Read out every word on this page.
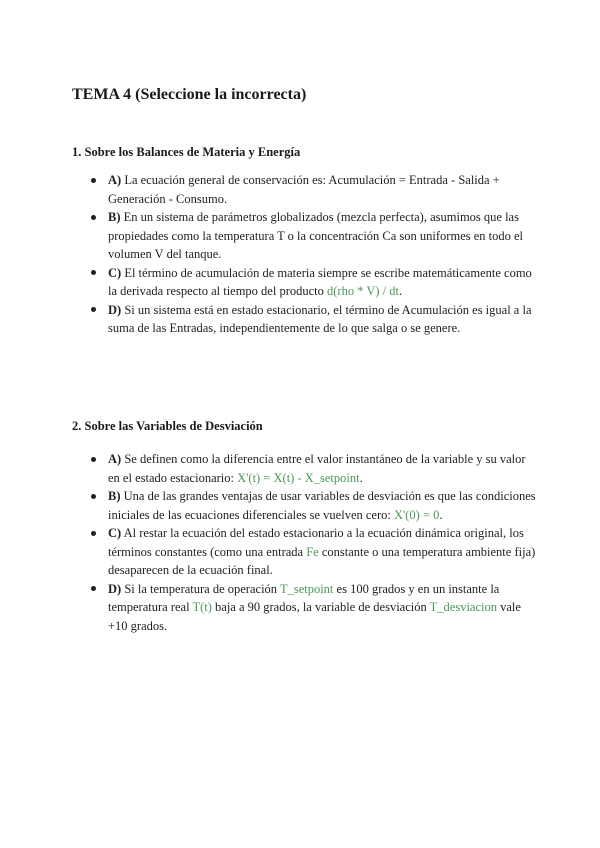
TEMA 4 (Seleccione la incorrecta)
1. Sobre los Balances de Materia y Energía
A) La ecuación general de conservación es: Acumulación = Entrada - Salida + Generación - Consumo.
B) En un sistema de parámetros globalizados (mezcla perfecta), asumimos que las propiedades como la temperatura T o la concentración Ca son uniformes en todo el volumen V del tanque.
C) El término de acumulación de materia siempre se escribe matemáticamente como la derivada respecto al tiempo del producto d(rho * V) / dt.
D) Si un sistema está en estado estacionario, el término de Acumulación es igual a la suma de las Entradas, independientemente de lo que salga o se genere.
2. Sobre las Variables de Desviación
A) Se definen como la diferencia entre el valor instantáneo de la variable y su valor en el estado estacionario: X'(t) = X(t) - X_setpoint.
B) Una de las grandes ventajas de usar variables de desviación es que las condiciones iniciales de las ecuaciones diferenciales se vuelven cero: X'(0) = 0.
C) Al restar la ecuación del estado estacionario a la ecuación dinámica original, los términos constantes (como una entrada Fe constante o una temperatura ambiente fija) desaparecen de la ecuación final.
D) Si la temperatura de operación T_setpoint es 100 grados y en un instante la temperatura real T(t) baja a 90 grados, la variable de desviación T_desviacion vale +10 grados.
